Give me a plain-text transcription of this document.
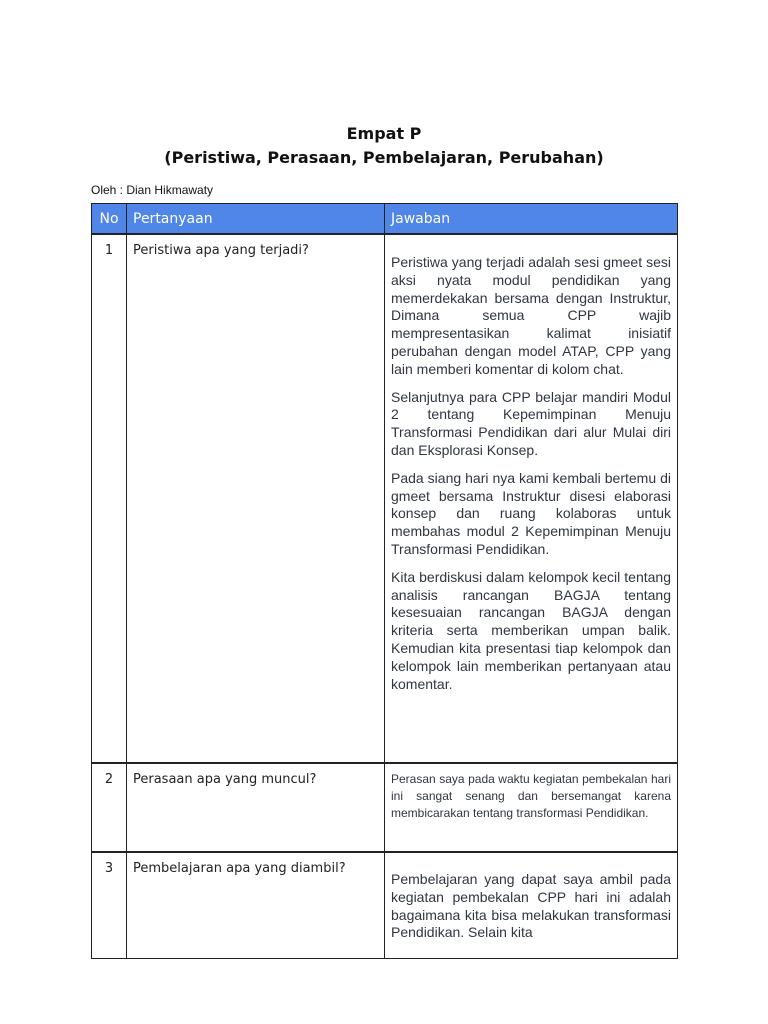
Empat P
(Peristiwa, Perasaan, Pembelajaran, Perubahan)
Oleh : Dian Hikmawaty
No	Pertanyaan	Jawaban
1	Peristiwa apa yang terjadi?	Peristiwa yang terjadi adalah sesi gmeet sesi aksi nyata modul pendidikan yang memerdekakan bersama dengan Instruktur, Dimana semua CPP wajib mempresentasikan kalimat inisiatif perubahan dengan model ATAP, CPP yang lain memberi komentar di kolom chat.

Selanjutnya para CPP belajar mandiri Modul 2 tentang Kepemimpinan Menuju Transformasi Pendidikan dari alur Mulai diri dan Eksplorasi Konsep.

Pada siang hari nya kami kembali bertemu di gmeet bersama Instruktur disesi elaborasi konsep dan ruang kolaboras untuk membahas modul 2 Kepemimpinan Menuju Transformasi Pendidikan.

Kita berdiskusi dalam kelompok kecil tentang analisis rancangan BAGJA tentang kesesuaian rancangan BAGJA dengan kriteria serta memberikan umpan balik. Kemudian kita presentasi tiap kelompok dan kelompok lain memberikan pertanyaan atau komentar.

2	Perasaan apa yang muncul?	Perasan saya pada waktu kegiatan pembekalan hari ini sangat senang dan bersemangat karena membicarakan tentang transformasi Pendidikan.

3	Pembelajaran apa yang diambil?	Pembelajaran yang dapat saya ambil pada kegiatan pembekalan CPP hari ini adalah bagaimana kita bisa melakukan transformasi Pendidikan. Selain kita
